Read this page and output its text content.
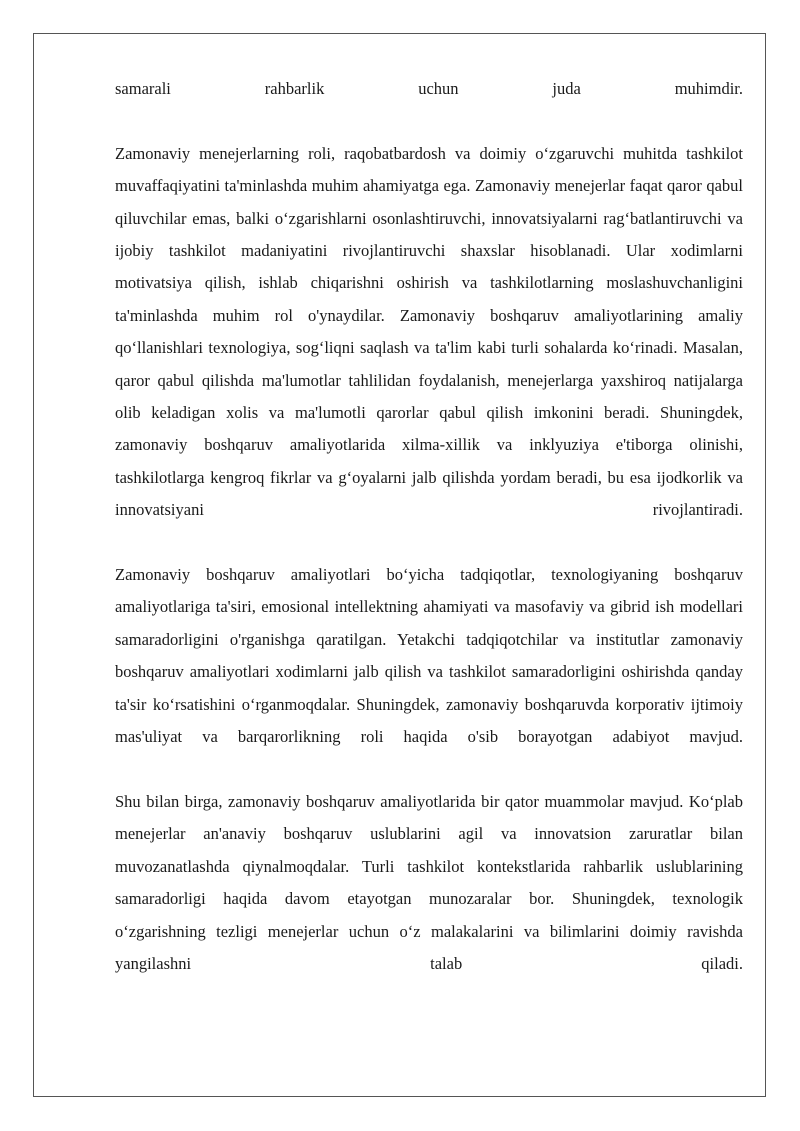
samarali rahbarlik uchun juda muhimdir.

Zamonaviy menejerlarning roli, raqobatbardosh va doimiy o‘zgaruvchi muhitda tashkilot muvaffaqiyatini ta'minlashda muhim ahamiyatga ega. Zamonaviy menejerlar faqat qaror qabul qiluvchilar emas, balki o‘zgarishlarni osonlashtiruvchi, innovatsiyalarni rag‘batlantiruvchi va ijobiy tashkilot madaniyatini rivojlantiruvchi shaxslar hisoblanadi. Ular xodimlarni motivatsiya qilish, ishlab chiqarishni oshirish va tashkilotlarning moslashuvchanligini ta'minlashda muhim rol o'ynaydilar. Zamonaviy boshqaruv amaliyotlarining amaliy qo‘llanishlari texnologiya, sog‘liqni saqlash va ta'lim kabi turli sohalarda ko‘rinadi. Masalan, qaror qabul qilishda ma'lumotlar tahlilidan foydalanish, menejerlarga yaxshiroq natijalarga olib keladigan xolis va ma'lumotli qarorlar qabul qilish imkonini beradi. Shuningdek, zamonaviy boshqaruv amaliyotlarida xilma-xillik va inklyuziya e'tiborga olinishi, tashkilotlarga kengroq fikrlar va g‘oyalarni jalb qilishda yordam beradi, bu esa ijodkorlik va innovatsiyani rivojlantiradi.

Zamonaviy boshqaruv amaliyotlari bo‘yicha tadqiqotlar, texnologiyaning boshqaruv amaliyotlariga ta'siri, emosional intellektning ahamiyati va masofaviy va gibrid ish modellari samaradorligini o'rganishga qaratilgan. Yetakchi tadqiqotchilar va institutlar zamonaviy boshqaruv amaliyotlari xodimlarni jalb qilish va tashkilot samaradorligini oshirishda qanday ta'sir ko‘rsatishini o‘rganmoqdalar. Shuningdek, zamonaviy boshqaruvda korporativ ijtimoiy mas'uliyat va barqarorlikning roli haqida o'sib borayotgan adabiyot mavjud.

Shu bilan birga, zamonaviy boshqaruv amaliyotlarida bir qator muammolar mavjud. Ko‘plab menejerlar an'anaviy boshqaruv uslublarini agil va innovatsion zaruratlar bilan muvozanatlashda qiynalmoqdalar. Turli tashkilot kontekstlarida rahbarlik uslublarining samaradorligi haqida davom etayotgan munozaralar bor. Shuningdek, texnologik o‘zgarishning tezligi menejerlar uchun o‘z malakalarini va bilimlarini doimiy ravishda yangilashni talab qiladi.
